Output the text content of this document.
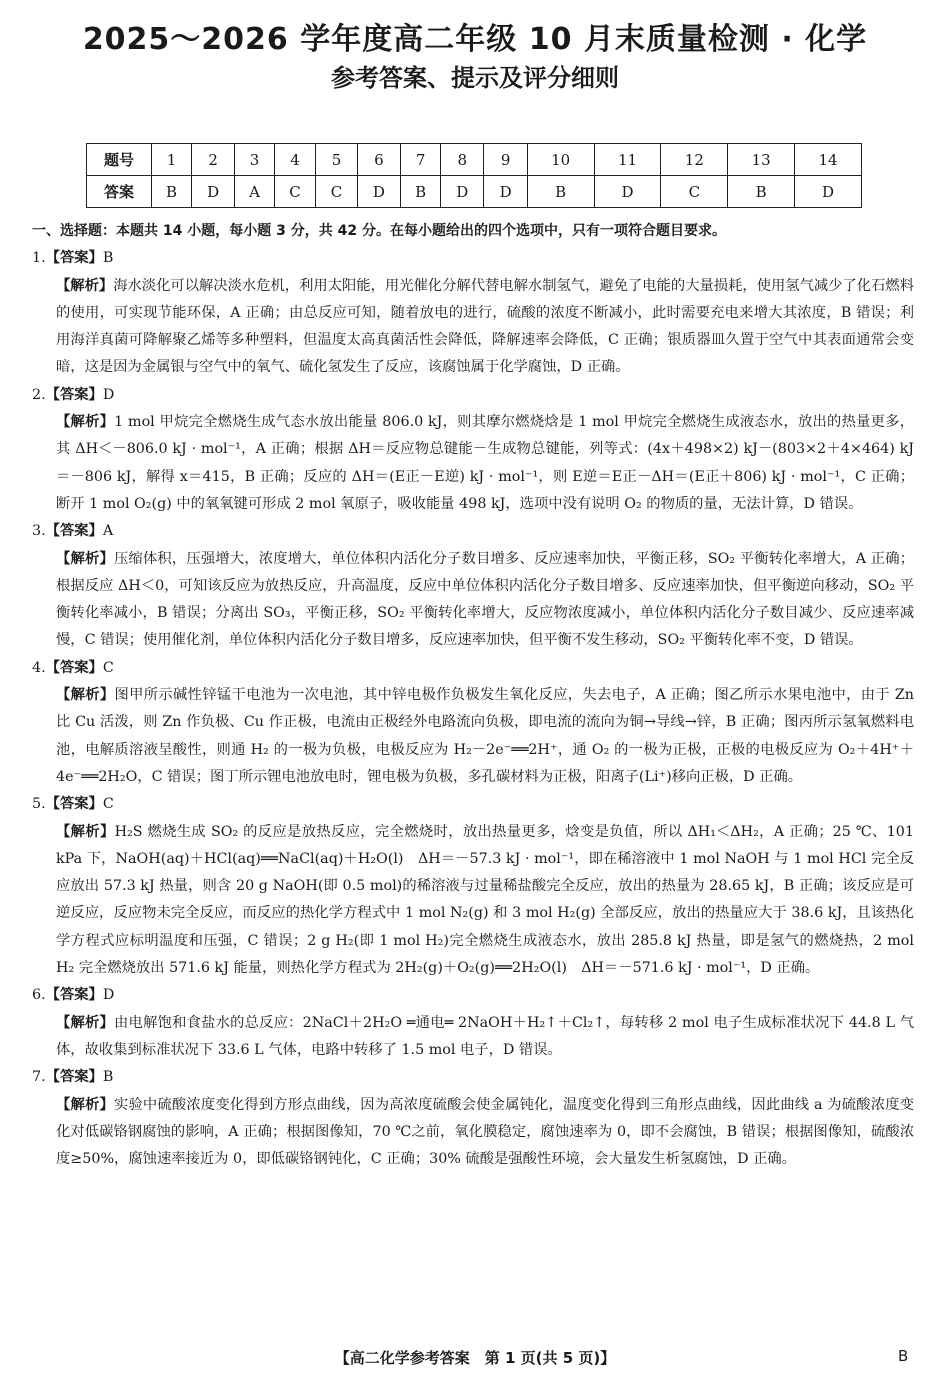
2025～2026 学年度高二年级 10 月末质量检测 · 化学
参考答案、提示及评分细则
题号	1	2	3	4	5	6	7	8	9	10	11	12	13	14
答案	B	D	A	C	C	D	B	D	D	B	D	C	B	D
一、选择题：本题共 14 小题，每小题 3 分，共 42 分。在每小题给出的四个选项中，只有一项符合题目要求。

1.【答案】B

【解析】海水淡化可以解决淡水危机，利用太阳能，用光催化分解代替电解水制氢气，避免了电能的大量损耗，使用氢气减少了化石燃料的使用，可实现节能环保，A 正确；由总反应可知，随着放电的进行，硫酸的浓度不断减小，此时需要充电来增大其浓度，B 错误；利用海洋真菌可降解聚乙烯等多种塑料，但温度太高真菌活性会降低，降解速率会降低，C 正确；银质器皿久置于空气中其表面通常会变暗，这是因为金属银与空气中的氧气、硫化氢发生了反应，该腐蚀属于化学腐蚀，D 正确。

2.【答案】D

【解析】1 mol 甲烷完全燃烧生成气态水放出能量 806.0 kJ，则其摩尔燃烧焓是 1 mol 甲烷完全燃烧生成液态水，放出的热量更多，其 ΔH＜－806.0 kJ · mol⁻¹，A 正确；根据 ΔH＝反应物总键能－生成物总键能，列等式：(4x＋498×2) kJ－(803×2＋4×464) kJ＝－806 kJ，解得 x＝415，B 正确；反应的 ΔH＝(E正－E逆) kJ · mol⁻¹，则 E逆＝E正－ΔH＝(E正＋806) kJ · mol⁻¹，C 正确；断开 1 mol O₂(g) 中的氧氧键可形成 2 mol 氧原子，吸收能量 498 kJ，选项中没有说明 O₂ 的物质的量，无法计算，D 错误。

3.【答案】A

【解析】压缩体积，压强增大，浓度增大，单位体积内活化分子数目增多、反应速率加快，平衡正移，SO₂ 平衡转化率增大，A 正确；根据反应 ΔH＜0，可知该反应为放热反应，升高温度，反应中单位体积内活化分子数目增多、反应速率加快，但平衡逆向移动，SO₂ 平衡转化率减小，B 错误；分离出 SO₃，平衡正移，SO₂ 平衡转化率增大，反应物浓度减小，单位体积内活化分子数目减少、反应速率减慢，C 错误；使用催化剂，单位体积内活化分子数目增多，反应速率加快，但平衡不发生移动，SO₂ 平衡转化率不变，D 错误。

4.【答案】C

【解析】图甲所示碱性锌锰干电池为一次电池，其中锌电极作负极发生氧化反应，失去电子，A 正确；图乙所示水果电池中，由于 Zn 比 Cu 活泼，则 Zn 作负极、Cu 作正极，电流由正极经外电路流向负极，即电流的流向为铜→导线→锌，B 正确；图丙所示氢氧燃料电池，电解质溶液呈酸性，则通 H₂ 的一极为负极，电极反应为 H₂－2e⁻══2H⁺，通 O₂ 的一极为正极，正极的电极反应为 O₂＋4H⁺＋4e⁻══2H₂O，C 错误；图丁所示锂电池放电时，锂电极为负极，多孔碳材料为正极，阳离子(Li⁺)移向正极，D 正确。

5.【答案】C

【解析】H₂S 燃烧生成 SO₂ 的反应是放热反应，完全燃烧时，放出热量更多，焓变是负值，所以 ΔH₁＜ΔH₂，A 正确；25 ℃、101 kPa 下，NaOH(aq)＋HCl(aq)══NaCl(aq)＋H₂O(l)　ΔH＝－57.3 kJ · mol⁻¹，即在稀溶液中 1 mol NaOH 与 1 mol HCl 完全反应放出 57.3 kJ 热量，则含 20 g NaOH(即 0.5 mol)的稀溶液与过量稀盐酸完全反应，放出的热量为 28.65 kJ，B 正确；该反应是可逆反应，反应物未完全反应，而反应的热化学方程式中 1 mol N₂(g) 和 3 mol H₂(g) 全部反应，放出的热量应大于 38.6 kJ，且该热化学方程式应标明温度和压强，C 错误；2 g H₂(即 1 mol H₂)完全燃烧生成液态水，放出 285.8 kJ 热量，即是氢气的燃烧热，2 mol H₂ 完全燃烧放出 571.6 kJ 能量，则热化学方程式为 2H₂(g)＋O₂(g)══2H₂O(l)　ΔH＝－571.6 kJ · mol⁻¹，D 正确。

6.【答案】D

【解析】由电解饱和食盐水的总反应：2NaCl＋2H₂O ═通电═ 2NaOH＋H₂↑＋Cl₂↑，每转移 2 mol 电子生成标准状况下 44.8 L 气体，故收集到标准状况下 33.6 L 气体，电路中转移了 1.5 mol 电子，D 错误。

7.【答案】B

【解析】实验中硫酸浓度变化得到方形点曲线，因为高浓度硫酸会使金属钝化，温度变化得到三角形点曲线，因此曲线 a 为硫酸浓度变化对低碳铬钢腐蚀的影响，A 正确；根据图像知，70 ℃之前，氧化膜稳定，腐蚀速率为 0，即不会腐蚀，B 错误；根据图像知，硫酸浓度≥50%，腐蚀速率接近为 0，即低碳铬钢钝化，C 正确；30% 硫酸是强酸性环境，会大量发生析氢腐蚀，D 正确。

【高二化学参考答案　第 1 页(共 5 页)】	B
